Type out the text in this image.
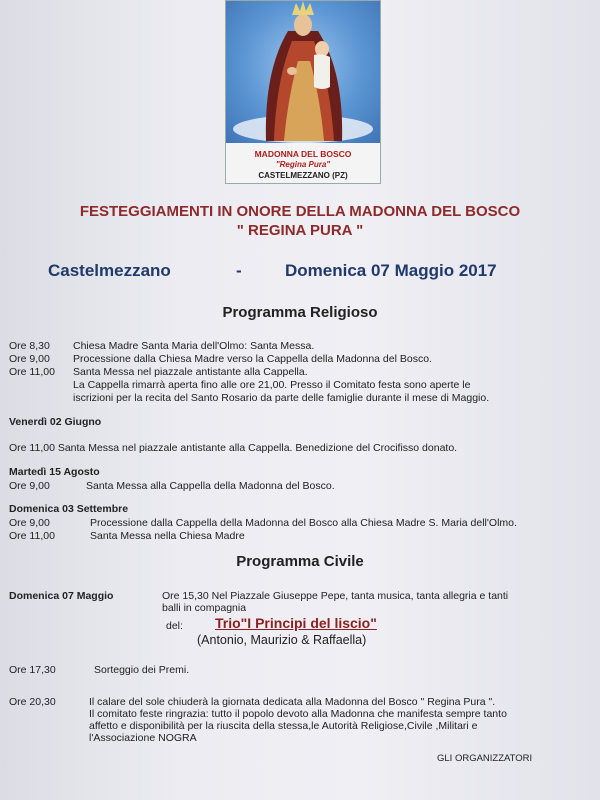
MADONNA DEL BOSCO
"Regina Pura"
CASTELMEZZANO (PZ)
FESTEGGIAMENTI IN ONORE DELLA MADONNA DEL BOSCO
" REGINA PURA "
Castelmezzano	-	Domenica 07 Maggio 2017
Programma Religioso
Ore 8,30 Chiesa Madre Santa Maria dell'Olmo: Santa Messa.
Ore 9,00 Processione dalla Chiesa Madre verso la Cappella della Madonna del Bosco.
Ore 11,00 Santa Messa nel piazzale antistante alla Cappella.
La Cappella rimarrà aperta fino alle ore 21,00. Presso il Comitato festa sono aperte le
iscrizioni per la recita del Santo Rosario da parte delle famiglie durante il mese di Maggio.
Venerdì 02 Giugno
Ore 11,00 Santa Messa nel piazzale antistante alla Cappella. Benedizione del Crocifisso donato.
Martedì 15 Agosto
Ore 9,00	Santa Messa alla Cappella della Madonna del Bosco.
Domenica 03 Settembre
Ore 9,00	Processione dalla Cappella della Madonna del Bosco alla Chiesa Madre S. Maria dell'Olmo.
Ore 11,00	Santa Messa nella Chiesa Madre
Programma Civile
Domenica 07 Maggio	Ore 15,30 Nel Piazzale Giuseppe Pepe, tanta musica, tanta allegria e tanti
balli in compagnia
del: Trio"I Principi del liscio"
(Antonio, Maurizio & Raffaella)
Ore 17,30	Sorteggio dei Premi.
Ore 20,30	Il calare del sole chiuderà la giornata dedicata alla Madonna del Bosco " Regina Pura ".
Il comitato feste ringrazia: tutto il popolo devoto alla Madonna che manifesta sempre tanto
affetto e disponibilità per la riuscita della stessa,le Autorità Religiose,Civile ,Militari e
l'Associazione NOGRA
GLI ORGANIZZATORI
